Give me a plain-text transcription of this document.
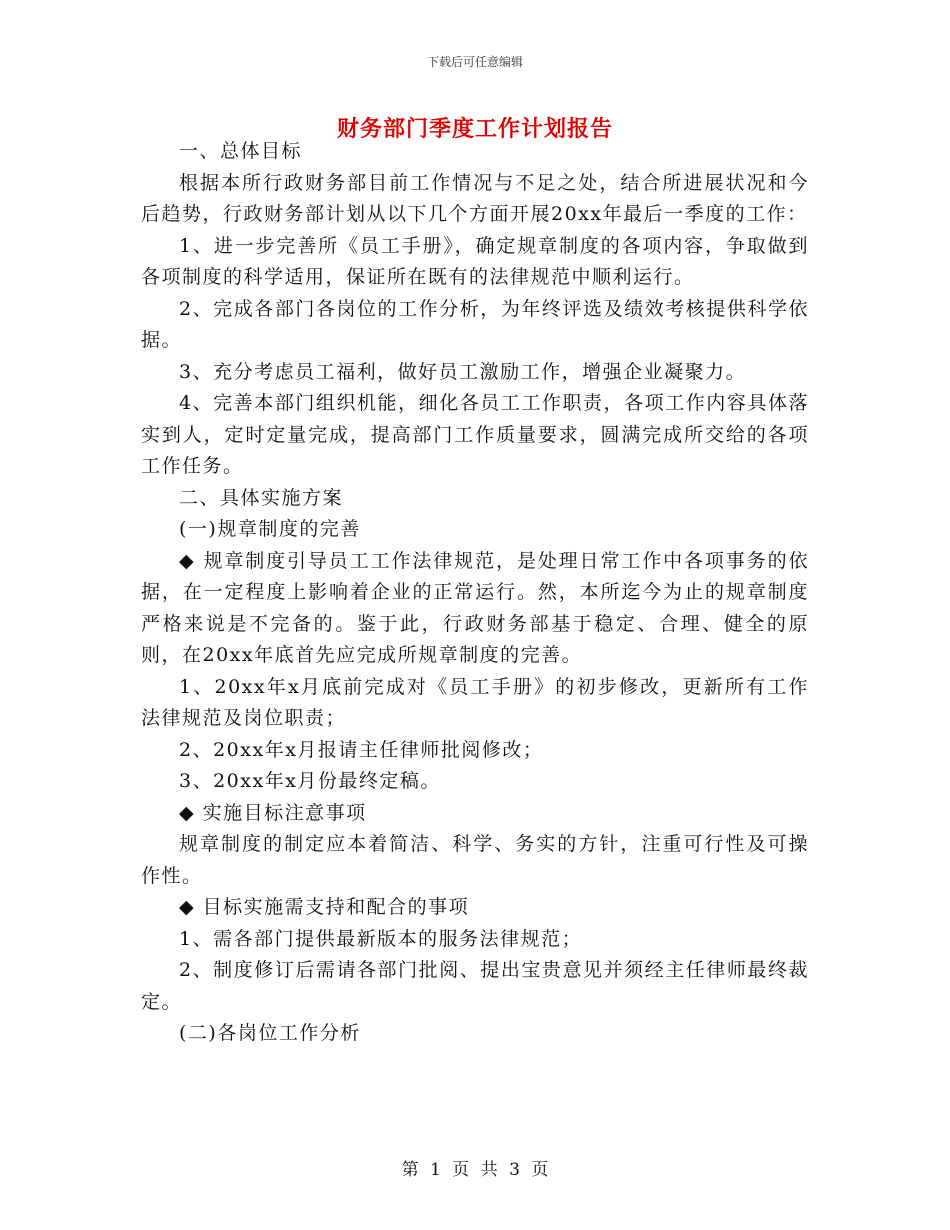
下载后可任意编辑
财务部门季度工作计划报告

一、总体目标

根据本所行政财务部目前工作情况与不足之处，结合所进展状况和今后趋势，行政财务部计划从以下几个方面开展20xx年最后一季度的工作：

1、进一步完善所《员工手册》，确定规章制度的各项内容，争取做到各项制度的科学适用，保证所在既有的法律规范中顺利运行。

2、完成各部门各岗位的工作分析，为年终评选及绩效考核提供科学依据。

3、充分考虑员工福利，做好员工激励工作，增强企业凝聚力。

4、完善本部门组织机能，细化各员工工作职责，各项工作内容具体落实到人，定时定量完成，提高部门工作质量要求，圆满完成所交给的各项工作任务。

二、具体实施方案

(一)规章制度的完善

◆ 规章制度引导员工工作法律规范，是处理日常工作中各项事务的依据，在一定程度上影响着企业的正常运行。然，本所迄今为止的规章制度严格来说是不完备的。鉴于此，行政财务部基于稳定、合理、健全的原则，在20xx年底首先应完成所规章制度的完善。

1、20xx年x月底前完成对《员工手册》的初步修改，更新所有工作法律规范及岗位职责；

2、20xx年x月报请主任律师批阅修改；

3、20xx年x月份最终定稿。

◆ 实施目标注意事项

规章制度的制定应本着简洁、科学、务实的方针，注重可行性及可操作性。

◆ 目标实施需支持和配合的事项

1、需各部门提供最新版本的服务法律规范；

2、制度修订后需请各部门批阅、提出宝贵意见并须经主任律师最终裁定。

(二)各岗位工作分析

第 1 页 共 3 页
